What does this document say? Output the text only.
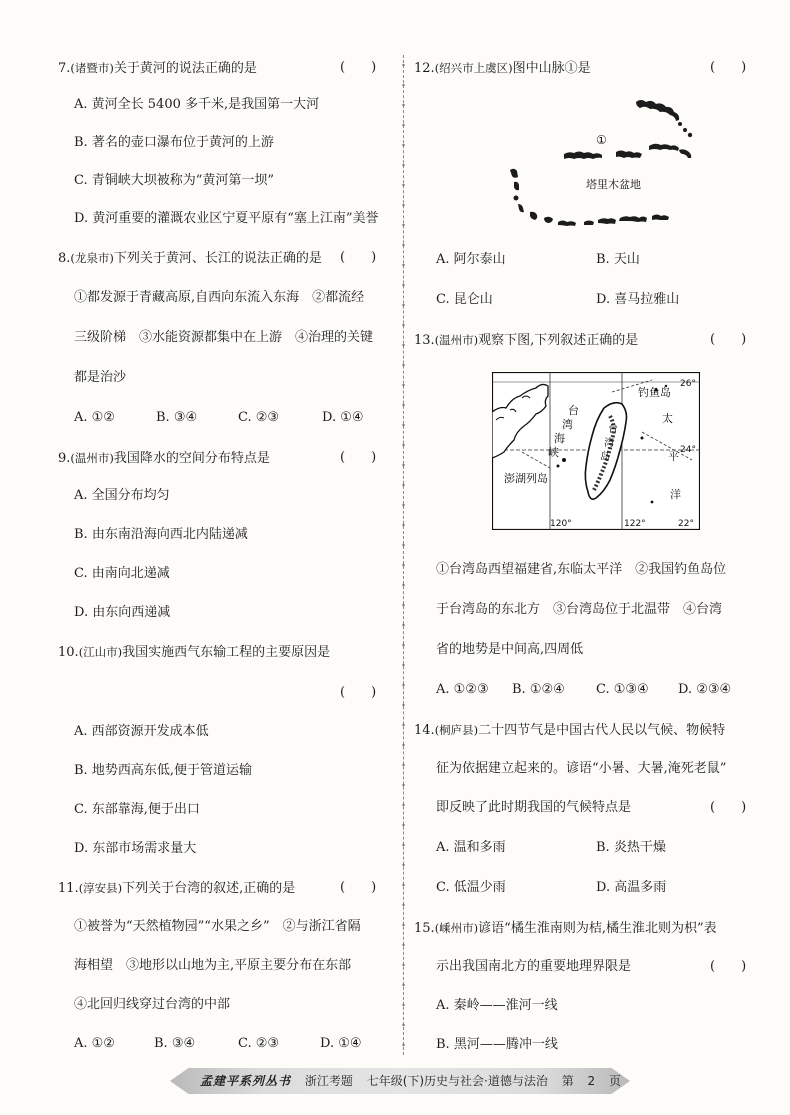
7.(诸暨市)关于黄河的说法正确的是	(　　)
A. 黄河全长 5400 多千米,是我国第一大河
B. 著名的壶口瀑布位于黄河的上游
C. 青铜峡大坝被称为“黄河第一坝”
D. 黄河重要的灌溉农业区宁夏平原有“塞上江南”美誉
8.(龙泉市)下列关于黄河、长江的说法正确的是 (　　)
①都发源于青藏高原,自西向东流入东海　②都流经
三级阶梯　③水能资源都集中在上游　④治理的关键
都是治沙
A. ①②	B. ③④	C. ②③	D. ①④
9.(温州市)我国降水的空间分布特点是	(　　)
A. 全国分布均匀
B. 由东南沿海向西北内陆递减
C. 由南向北递减
D. 由东向西递减
10.(江山市)我国实施西气东输工程的主要原因是
(　　)
A. 西部资源开发成本低
B. 地势西高东低,便于管道运输
C. 东部靠海,便于出口
D. 东部市场需求量大
11.(淳安县)下列关于台湾的叙述,正确的是	(　　)
①被誉为“天然植物园”“水果之乡”　②与浙江省隔
海相望　③地形以山地为主,平原主要分布在东部
④北回归线穿过台湾的中部
A. ①②	B. ③④	C. ②③	D. ①④
12.(绍兴市上虞区)图中山脉①是	(　　)
①
塔里木盆地
A. 阿尔泰山	B. 天山
C. 昆仑山	D. 喜马拉雅山
13.(温州市)观察下图,下列叙述正确的是	(　　)
钓鱼岛
26°
24°
22°
120°	122°
澎湖列岛
台
湾
海
峡
台
湾
岛
太
平
洋
①台湾岛西望福建省,东临太平洋　②我国钓鱼岛位
于台湾岛的东北方　③台湾岛位于北温带　④台湾
省的地势是中间高,四周低
A. ①②③ B. ①②④ C. ①③④ D. ②③④
14.(桐庐县)二十四节气是中国古代人民以气候、物候特
征为依据建立起来的。谚语“小暑、大暑,淹死老鼠”
即反映了此时期我国的气候特点是	(　　)
A. 温和多雨	B. 炎热干燥
C. 低温少雨	D. 高温多雨
15.(嵊州市)谚语“橘生淮南则为桔,橘生淮北则为枳”表
示出我国南北方的重要地理界限是	(　　)
A. 秦岭——淮河一线
B. 黑河——腾冲一线
孟建平系列丛书 浙江考题 七年级(下)历史与社会·道德与法治 第 2 页
